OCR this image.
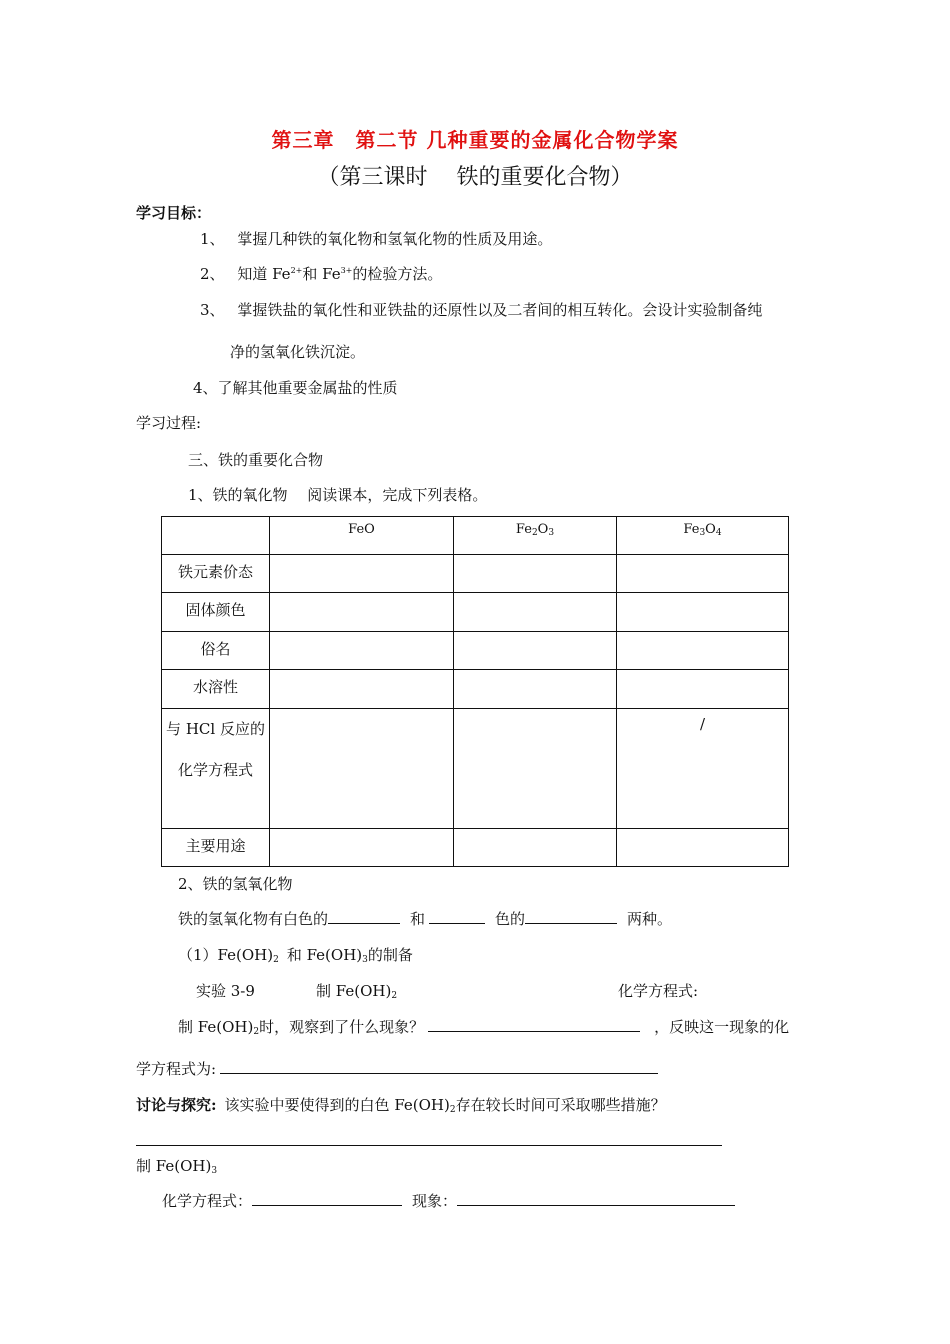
第三章　第二节 几种重要的金属化合物学案
（第三课时　 铁的重要化合物）
学习目标：
1、 掌握几种铁的氧化物和氢氧化物的性质及用途。
2、 知道 $Fe^{2+}$和 $Fe^{3+}$的检验方法。
3、 掌握铁盐的氧化性和亚铁盐的还原性以及二者间的相互转化。会设计实验制备纯
净的氢氧化铁沉淀。
4、了解其他重要金属盐的性质
学习过程:
三、铁的重要化合物
1、铁的氧化物　 阅读课本，完成下列表格。
	FeO	$Fe_2O_3$	$Fe_3O_4$
铁元素价态			
固体颜色			
俗名			
水溶性			
与 HCl 反应的化学方程式			/
主要用途			
2、铁的氢氧化物
铁的氢氧化物有白色的	和	色的	两种。
$(1)Fe(OH)_2$ 和 $Fe(OH)_3$的制备
实验 3-9	制 $Fe(OH)_2$	化学方程式:
制 $Fe(OH)_2$时，观察到了什么现象？	，反映这一现象的化
学方程式为:
讨论与探究: 该实验中要使得到的白色 $Fe(OH)_2$存在较长时间可采取哪些措施？
制 $Fe(OH)_3$
化学方程式：	现象：
